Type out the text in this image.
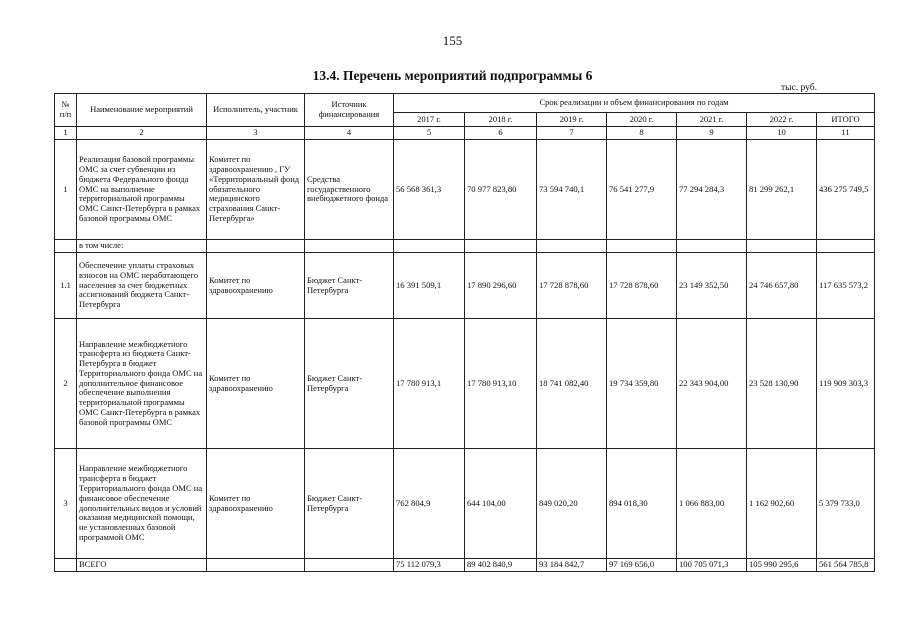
155
13.4. Перечень мероприятий подпрограммы 6
тыс. руб.
№ п/п	Наименование мероприятий	Исполнитель, участник	Источник финансирования	Срок реализации и объем финансирования по годам						
				2017 г.	2018 г.	2019 г.	2020 г.	2021 г.	2022 г.	ИТОГО
1	2	3	4	5	6	7	8	9	10	11
1	Реализация базовой программы ОМС за счет субвенции из бюджета Федерального фонда ОМС на выполнение территориальной программы ОМС Санкт-Петербурга в рамках базовой программы ОМС	Комитет по здравоохранению , ГУ «Территориальный фонд обязательного медицинского страхования Санкт-Петербурга»	Средства государственного внебюджетного фонда	56 568 361,3	70 977 823,80	73 594 740,1	76 541 277,9	77 294 284,3	81 299 262,1	436 275 749,5
	в том числе:									
1.1	Обеспечение уплаты страховых взносов на ОМС неработающего населения за счет бюджетных ассигнований бюджета Санкт-Петербурга	Комитет по здравоохранению	Бюджет Санкт-Петербурга	16 391 509,1	17 890 296,60	17 728 878,60	17 728 878,60	23 149 352,50	24 746 657,80	117 635 573,2
2	Направление межбюджетного трансферта из бюджета Санкт-Петербурга в бюджет Территориального фонда ОМС на дополнительное финансовое обеспечение выполнения территориальной программы ОМС Санкт-Петербурга в рамках базовой программы ОМС	Комитет по здравоохранению	Бюджет Санкт-Петербурга	17 780 913,1	17 780 913,10	18 741 082,40	19 734 359,80	22 343 904,00	23 528 130,90	119 909 303,3
3	Направление межбюджетного трансферта в бюджет Территориального фонда ОМС на финансовое обеспечение дополнительных видов и условий оказания медицинской помощи, не установленных базовой программой ОМС	Комитет по здравоохранению	Бюджет Санкт-Петербурга	762 804,9	644 104,00	849 020,20	894 018,30	1 066 883,00	1 162 902,60	5 379 733,0
	ВСЕГО			75 112 079,3	89 402 840,9	93 184 842,7	97 169 656,0	100 705 071,3	105 990 295,6	561 564 785,8
